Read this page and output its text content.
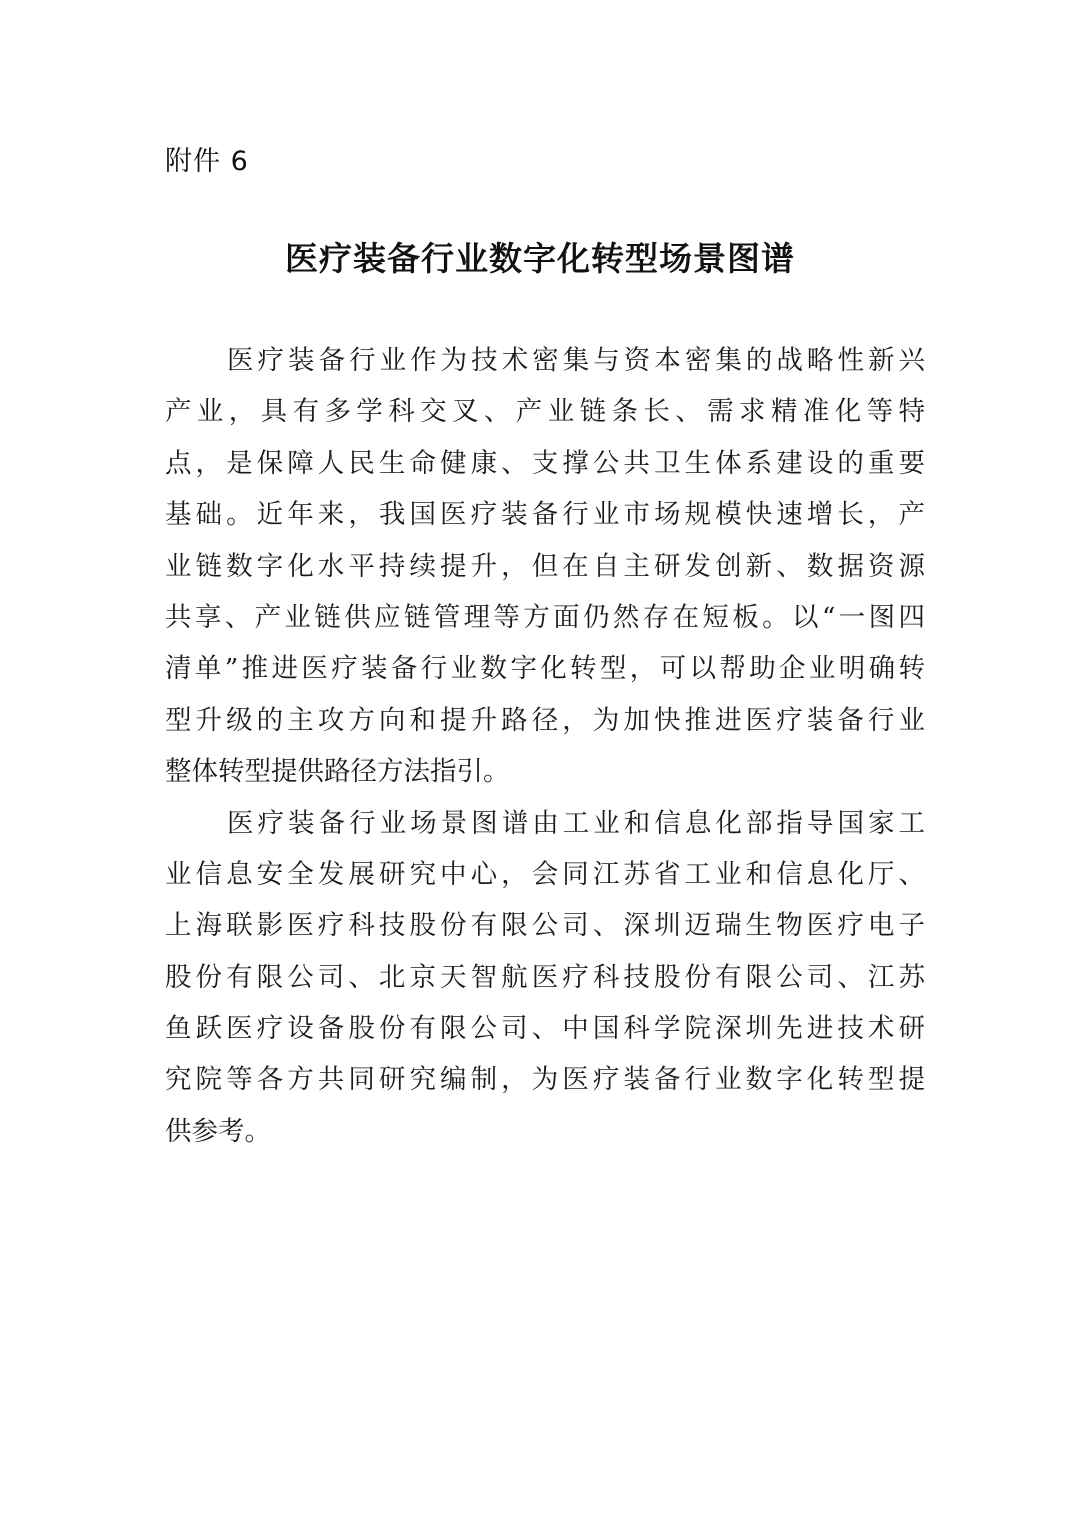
附件 6
医疗装备行业数字化转型场景图谱
医疗装备行业作为技术密集与资本密集的战略性新兴
产业，具有多学科交叉、产业链条长、需求精准化等特
点，是保障人民生命健康、支撑公共卫生体系建设的重要
基础。近年来，我国医疗装备行业市场规模快速增长，产
业链数字化水平持续提升，但在自主研发创新、数据资源
共享、产业链供应链管理等方面仍然存在短板。以“一图四
清单”推进医疗装备行业数字化转型，可以帮助企业明确转
型升级的主攻方向和提升路径，为加快推进医疗装备行业
整体转型提供路径方法指引。
医疗装备行业场景图谱由工业和信息化部指导国家工
业信息安全发展研究中心，会同江苏省工业和信息化厅、
上海联影医疗科技股份有限公司、深圳迈瑞生物医疗电子
股份有限公司、北京天智航医疗科技股份有限公司、江苏
鱼跃医疗设备股份有限公司、中国科学院深圳先进技术研
究院等各方共同研究编制，为医疗装备行业数字化转型提
供参考。
